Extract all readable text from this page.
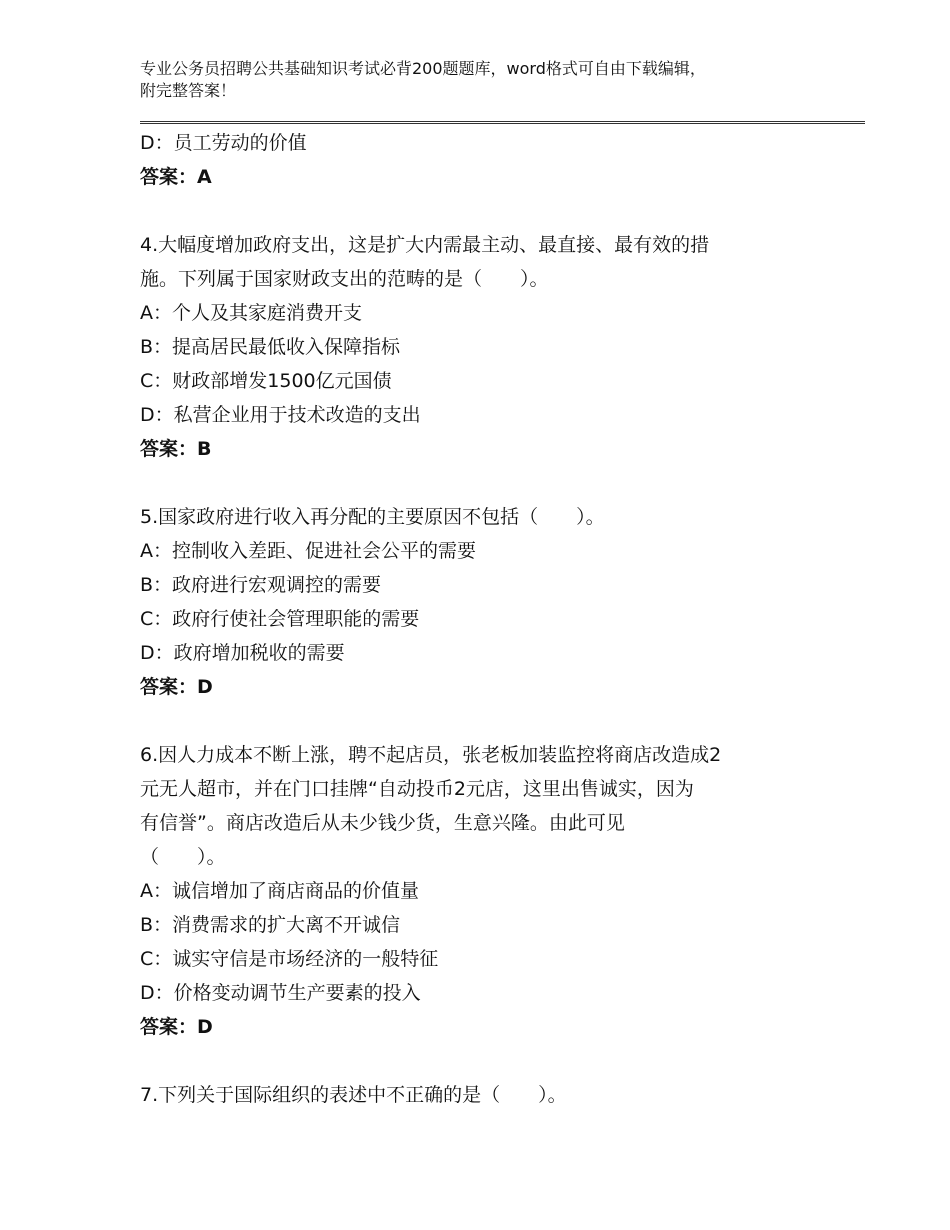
专业公务员招聘公共基础知识考试必背200题题库，word格式可自由下载编辑，
附完整答案！
D：员工劳动的价值
答案：A
4.大幅度增加政府支出，这是扩大内需最主动、最直接、最有效的措
施。下列属于国家财政支出的范畴的是（　　）。
A：个人及其家庭消费开支
B：提高居民最低收入保障指标
C：财政部增发1500亿元国债
D：私营企业用于技术改造的支出
答案：B
5.国家政府进行收入再分配的主要原因不包括（　　）。
A：控制收入差距、促进社会公平的需要
B：政府进行宏观调控的需要
C：政府行使社会管理职能的需要
D：政府增加税收的需要
答案：D
6.因人力成本不断上涨，聘不起店员，张老板加装监控将商店改造成2
元无人超市，并在门口挂牌“自动投币2元店，这里出售诚实，因为
有信誉”。商店改造后从未少钱少货，生意兴隆。由此可见
（　　）。
A：诚信增加了商店商品的价值量
B：消费需求的扩大离不开诚信
C：诚实守信是市场经济的一般特征
D：价格变动调节生产要素的投入
答案：D
7.下列关于国际组织的表述中不正确的是（　　）。
